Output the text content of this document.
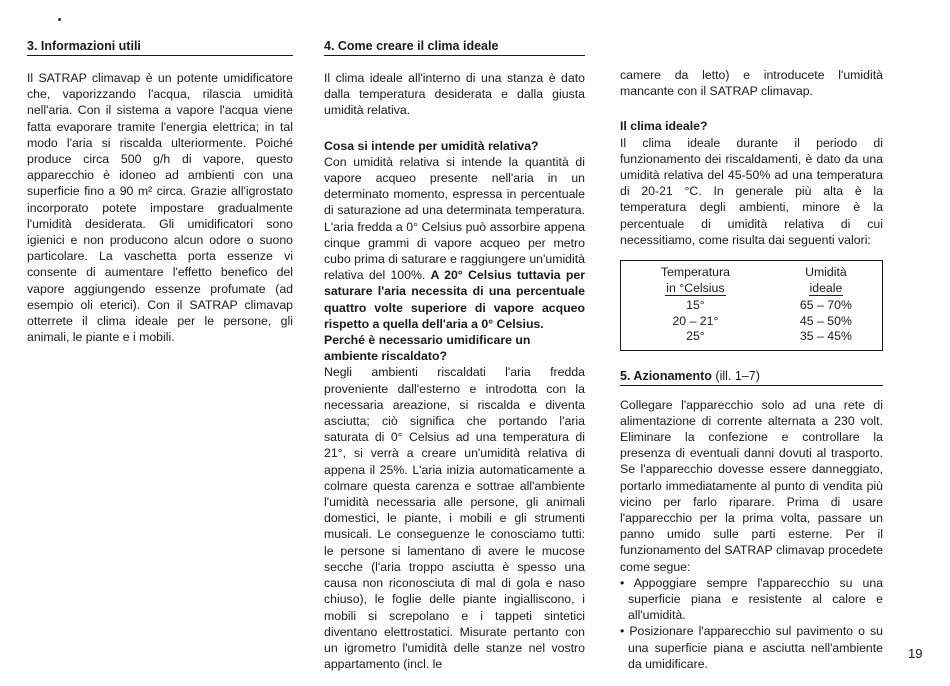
3. Informazioni utili

Il SATRAP climavap è un potente umidificatore che, vaporizzando l'acqua, rilascia umidità nell'aria. Con il sistema a vapore l'acqua viene fatta evaporare tramite l'energia elettrica; in tal modo l'aria si riscalda ulteriormente. Poiché produce circa 500 g/h di vapore, questo apparecchio è idoneo ad ambienti con una superficie fino a 90 m² circa. Grazie all'igrostato incorporato potete impostare gradualmente l'umidità desiderata. Gli umidificatori sono igienici e non producono alcun odore o suono particolare. La vaschetta porta essenze vi consente di aumentare l'effetto benefico del vapore aggiungendo essenze profumate (ad esempio oli eterici). Con il SATRAP climavap otterrete il clima ideale per le persone, gli animali, le piante e i mobili.

4. Come creare il clima ideale

Il clima ideale all'interno di una stanza è dato dalla temperatura desiderata e dalla giusta umidità relativa.

Cosa si intende per umidità relativa?

Con umidità relativa si intende la quantità di vapore acqueo presente nell'aria in un determinato momento, espressa in percentuale di saturazione ad una determinata temperatura. L'aria fredda a 0° Celsius può assorbire appena cinque grammi di vapore acqueo per metro cubo prima di saturare e raggiungere un'umidità relativa del 100%. A 20° Celsius tuttavia per saturare l'aria necessita di una percentuale quattro volte superiore di vapore acqueo rispetto a quella dell'aria a 0° Celsius.

Perché è necessario umidificare un ambiente riscaldato?

Negli ambienti riscaldati l'aria fredda proveniente dall'esterno e introdotta con la necessaria areazione, si riscalda e diventa asciutta; ciò significa che portando l'aria saturata di 0° Celsius ad una temperatura di 21°, si verrà a creare un'umidità relativa di appena il 25%. L'aria inizia automaticamente a colmare questa carenza e sottrae all'ambiente l'umidità necessaria alle persone, gli animali domestici, le piante, i mobili e gli strumenti musicali. Le conseguenze le conosciamo tutti: le persone si lamentano di avere le mucose secche (l'aria troppo asciutta è spesso una causa non riconosciuta di mal di gola e naso chiuso), le foglie delle piante ingialliscono, i mobili si screpolano e i tappeti sintetici diventano elettrostatici. Misurate pertanto con un igrometro l'umidità delle stanze nel vostro appartamento (incl. le

camere da letto) e introducete l'umidità mancante con il SATRAP climavap.

Il clima ideale?

Il clima ideale durante il periodo di funzionamento dei riscaldamenti, è dato da una umidità relativa del 45-50% ad una temperatura di 20-21 °C. In generale più alta è la temperatura degli ambienti, minore è la percentuale di umidità relativa di cui necessitiamo, come risulta dai seguenti valori:

Temperatura	Umidità
in °Celsius	ideale
15°	65 – 70%
20 – 21°	45 – 50%
25°	35 – 45%
5. Azionamento (ill. 1–7)

Collegare l'apparecchio solo ad una rete di alimentazione di corrente alternata a 230 volt. Eliminare la confezione e controllare la presenza di eventuali danni dovuti al trasporto. Se l'apparecchio dovesse essere danneggiato, portarlo immediatamente al punto di vendita più vicino per farlo riparare. Prima di usare l'apparecchio per la prima volta, passare un panno umido sulle parti esterne. Per il funzionamento del SATRAP climavap procedete come segue:

• Appoggiare sempre l'apparecchio su una superficie piana e resistente al calore e all'umidità.
• Posizionare l'apparecchio sul pavimento o su una superficie piana e asciutta nell'ambiente da umidificare.
19
